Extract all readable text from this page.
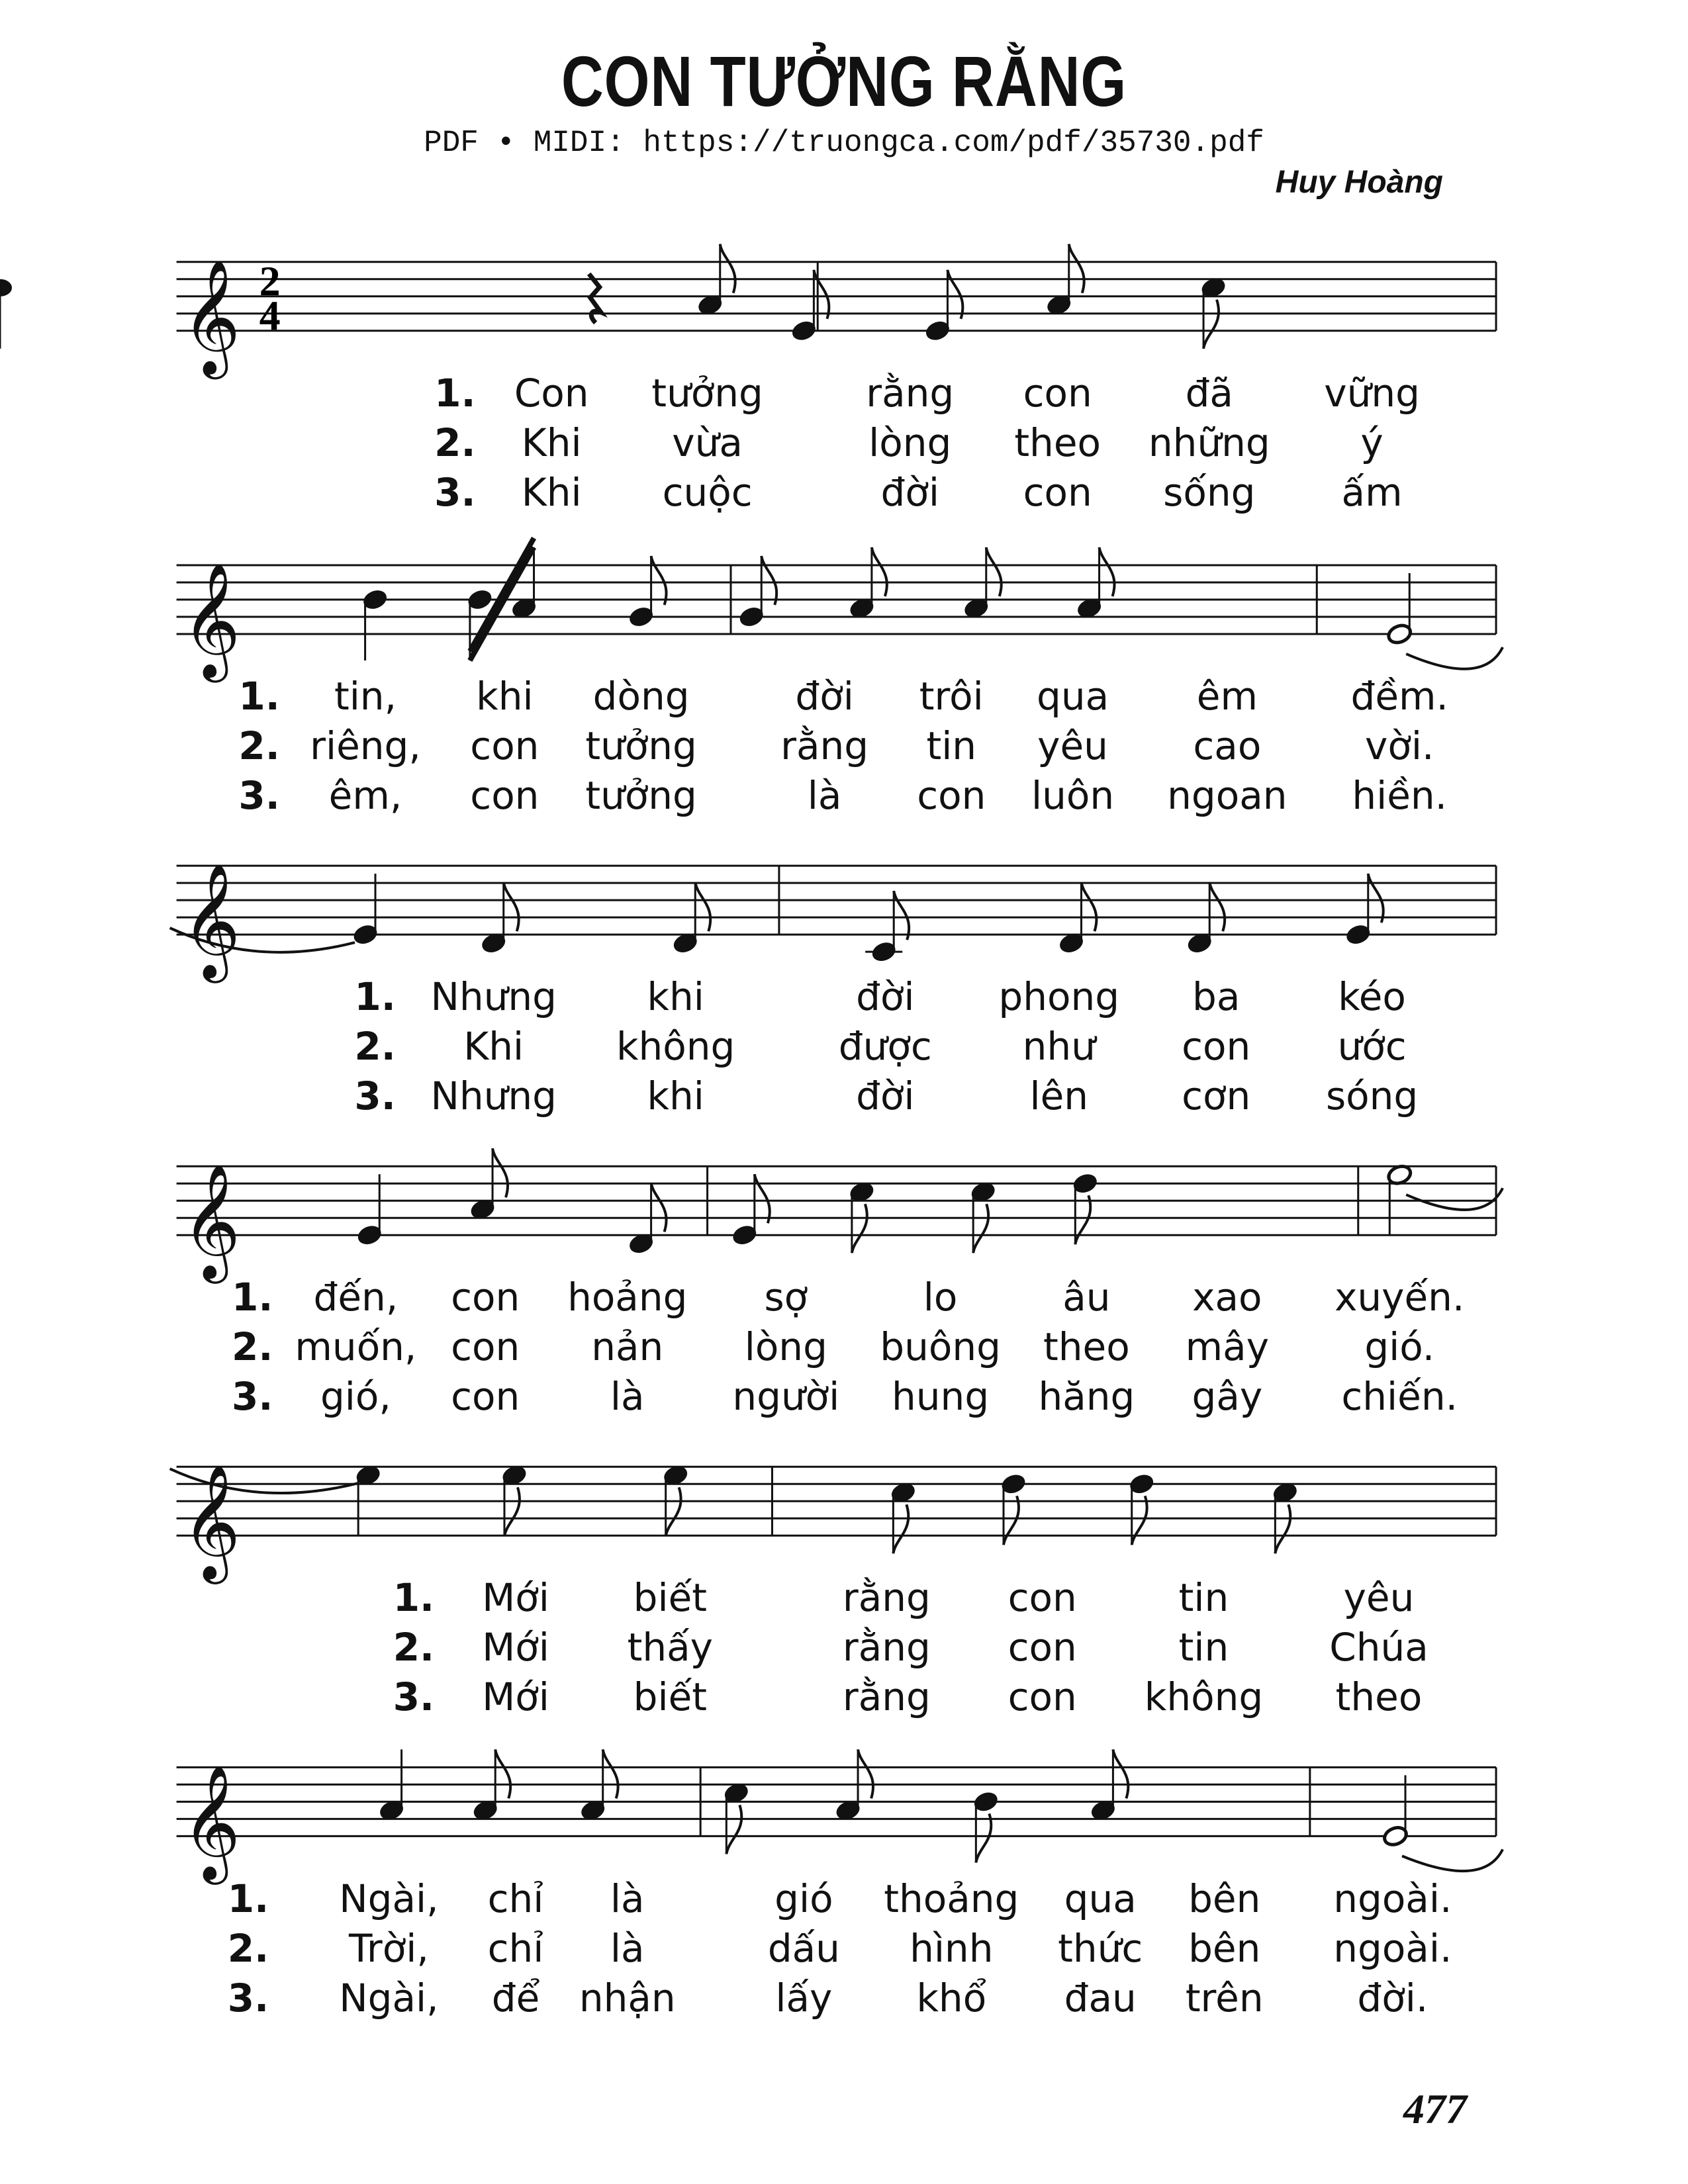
CON TƯỞNG RẰNG
PDF • MIDI: https://truongca.com/pdf/35730.pdf
Huy Hoàng
𝄞 2
4
𝄞
𝄞
𝄞
𝄞
𝄞
1. Con tưởng	rằng con đã vững
2. Khi vừa	lòng theo những ý
3. Khi cuộc	đời con sống ấm
1. tin, khi dòng	đời trôi qua êm đềm.
2. riêng, con tưởng rằng tin yêu cao	vời.
3. êm, con tưởng	là con luôn ngoan hiền.
1. Nhưng khi	đời phong ba	kéo
2. Khi không	được như con ước
3. Nhưng khi	đời	lên cơn sóng
1. đến, con hoảng sợ	lo	âu xao xuyến.
2. muốn, con nản lòng buông theo mây gió.
3. gió, con là người hung hăng gây chiến.
1. Mới biết	rằng con	tin	yêu
2. Mới thấy	rằng con	tin	Chúa
3. Mới biết	rằng con không theo
1. Ngài, chỉ là	gió thoảng qua bên ngoài.
2. Trời, chỉ là	dấu hình thức bên ngoài.
3. Ngài, để nhận	lấy khổ đau trên đời.
477
